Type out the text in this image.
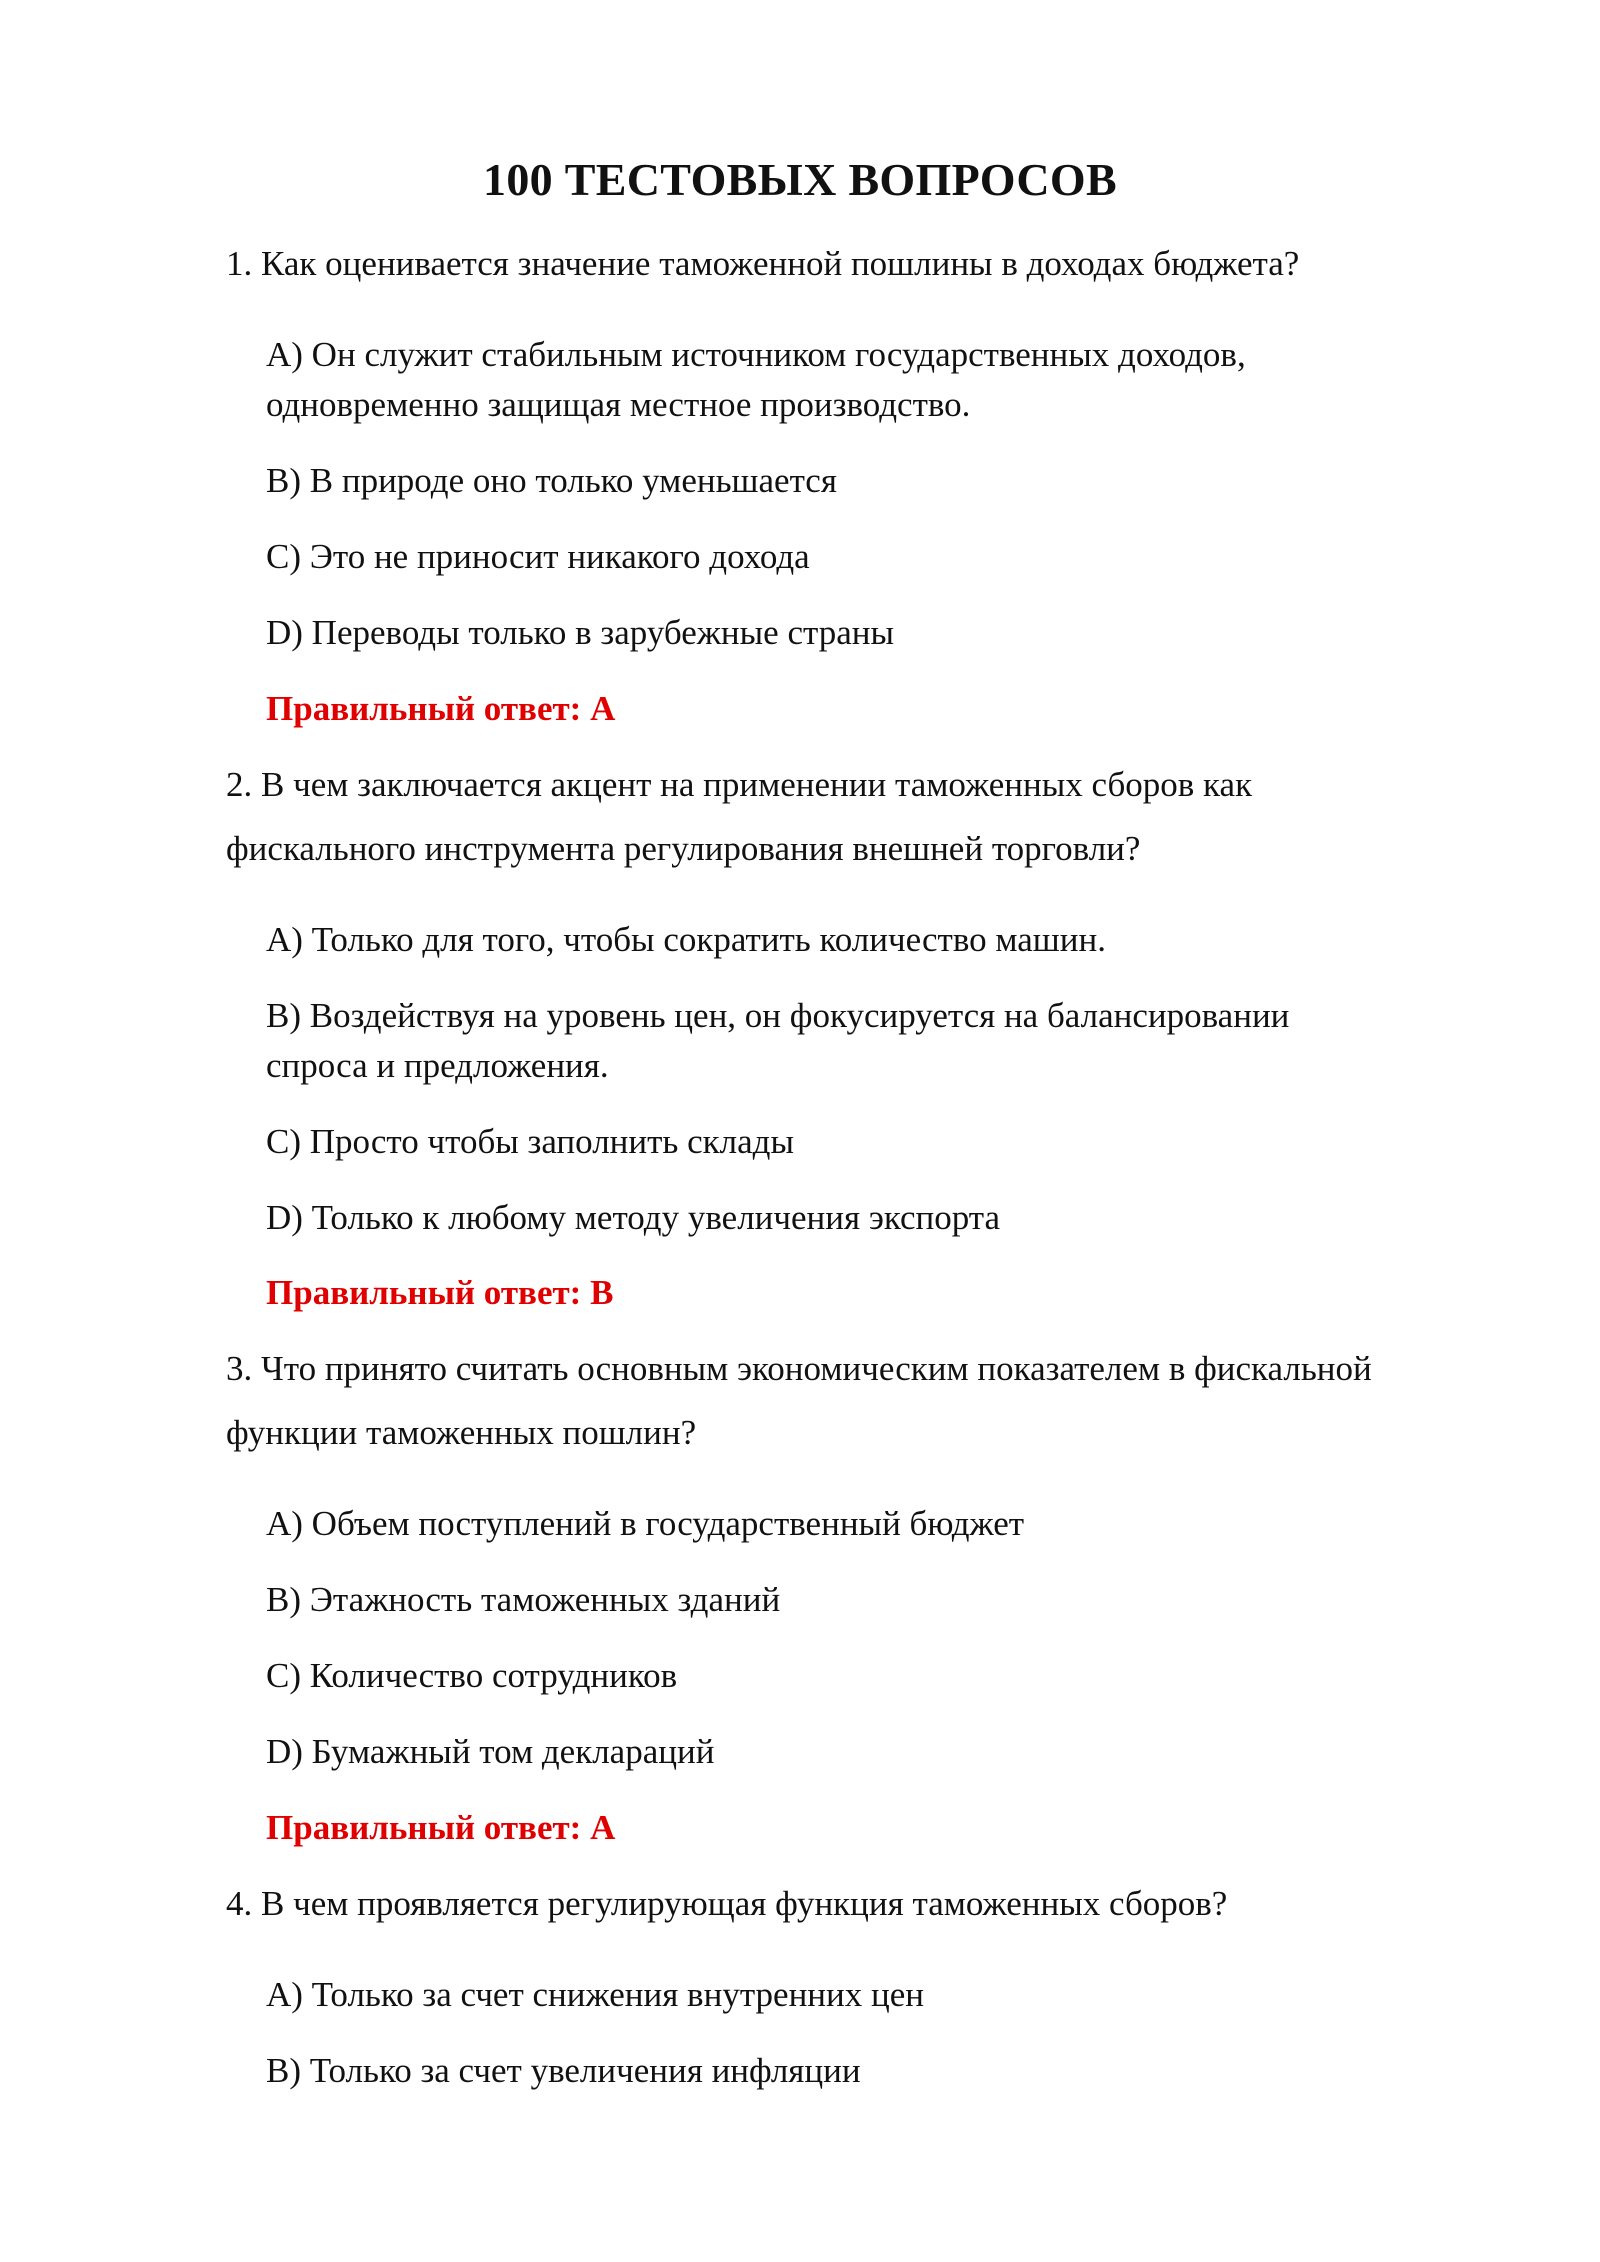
100 ТЕСТОВЫХ ВОПРОСОВ
1. Как оценивается значение таможенной пошлины в доходах бюджета?
A) Он служит стабильным источником государственных доходов,
одновременно защищая местное производство.
B) В природе оно только уменьшается
C) Это не приносит никакого дохода
D) Переводы только в зарубежные страны
Правильный ответ: A
2. В чем заключается акцент на применении таможенных сборов как
фискального инструмента регулирования внешней торговли?
A) Только для того, чтобы сократить количество машин.
B) Воздействуя на уровень цен, он фокусируется на балансировании
спроса и предложения.
C) Просто чтобы заполнить склады
D) Только к любому методу увеличения экспорта
Правильный ответ: B
3. Что принято считать основным экономическим показателем в фискальной
функции таможенных пошлин?
A) Объем поступлений в государственный бюджет
B) Этажность таможенных зданий
C) Количество сотрудников
D) Бумажный том деклараций
Правильный ответ: A
4. В чем проявляется регулирующая функция таможенных сборов?
A) Только за счет снижения внутренних цен
B) Только за счет увеличения инфляции
